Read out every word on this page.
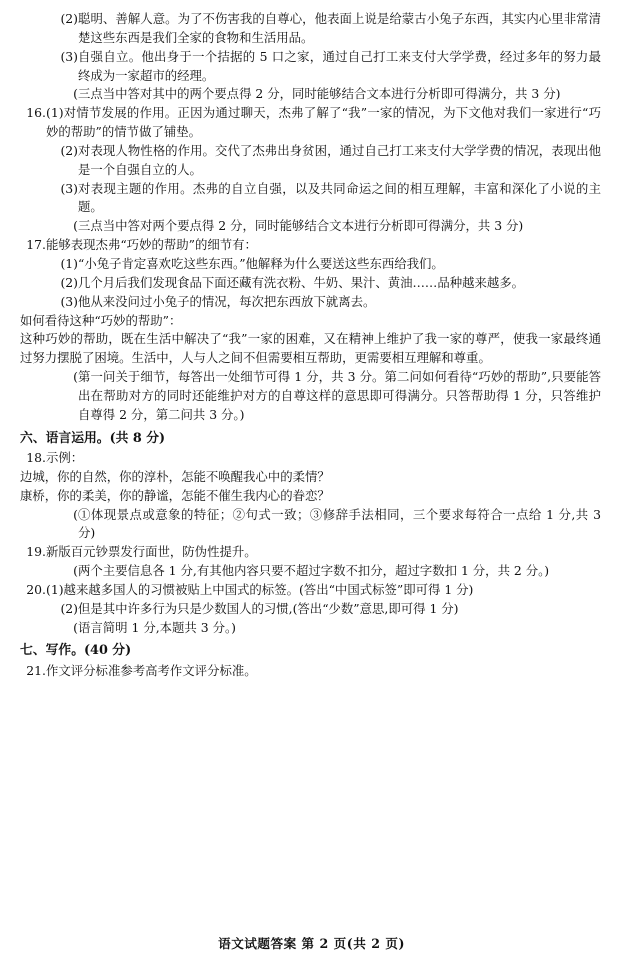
(2) 聪明、善解人意。为了不伤害我的自尊心，他表面上说是给蒙古小兔子东西，其实内心里非常清楚这些东西是我们全家的食物和生活用品。
(3) 自强自立。他出身于一个拮据的 5 口之家，通过自己打工来支付大学学费，经过多年的努力最终成为一家超市的经理。
( 三点当中答对其中的两个要点得 2 分，同时能够结合文本进行分析即可得满分，共 3 分)
16. (1)对情节发展的作用。正因为通过聊天，杰弗了解了“我”一家的情况，为下文他对我们一家进行“巧妙的帮助”的情节做了铺垫。
(2) 对表现人物性格的作用。交代了杰弗出身贫困，通过自己打工来支付大学学费的情况，表现出他是一个自强自立的人。
(3) 对表现主题的作用。杰弗的自立自强，以及共同命运之间的相互理解，丰富和深化了小说的主题。
( 三点当中答对两个要点得 2 分，同时能够结合文本进行分析即可得满分，共 3 分)
17. 能够表现杰弗“巧妙的帮助”的细节有：
(1) “小兔子肯定喜欢吃这些东西。”他解释为什么要送这些东西给我们。
(2) 几个月后我们发现食品下面还藏有洗衣粉、牛奶、果汁、黄油……品种越来越多。
(3) 他从来没问过小兔子的情况，每次把东西放下就离去。

如何看待这种“巧妙的帮助”：

这种巧妙的帮助，既在生活中解决了“我”一家的困难，又在精神上维护了我一家的尊严，使我一家最终通过努力摆脱了困境。生活中，人与人之间不但需要相互帮助，更需要相互理解和尊重。

( 第一问关于细节，每答出一处细节可得 1 分，共 3 分。第二问如何看待“巧妙的帮助”,只要能答出在帮助对方的同时还能维护对方的自尊这样的意思即可得满分。只答帮助得 1 分，只答维护自尊得 2 分，第二问共 3 分。)
六、语言运用。(共 8 分)
18. 示例：

边城，你的自然，你的淳朴，怎能不唤醒我心中的柔情？

康桥，你的柔美，你的静谧，怎能不催生我内心的眷恋？

( ①体现景点或意象的特征；②句式一致；③修辞手法相同，三个要求每符合一点给 1 分,共 3 分)
19. 新版百元钞票发行面世，防伪性提升。
( 两个主要信息各 1 分,有其他内容只要不超过字数不扣分，超过字数扣 1 分，共 2 分。)
20. (1)越来越多国人的习惯被贴上中国式的标签。(答出“中国式标签”即可得 1 分)
(2) 但是其中许多行为只是少数国人的习惯,(答出“少数”意思,即可得 1 分)
( 语言简明 1 分,本题共 3 分。)
七、写作。(40 分)
21. 作文评分标准参考高考作文评分标准。
语文试题答案 第 2 页(共 2 页)
